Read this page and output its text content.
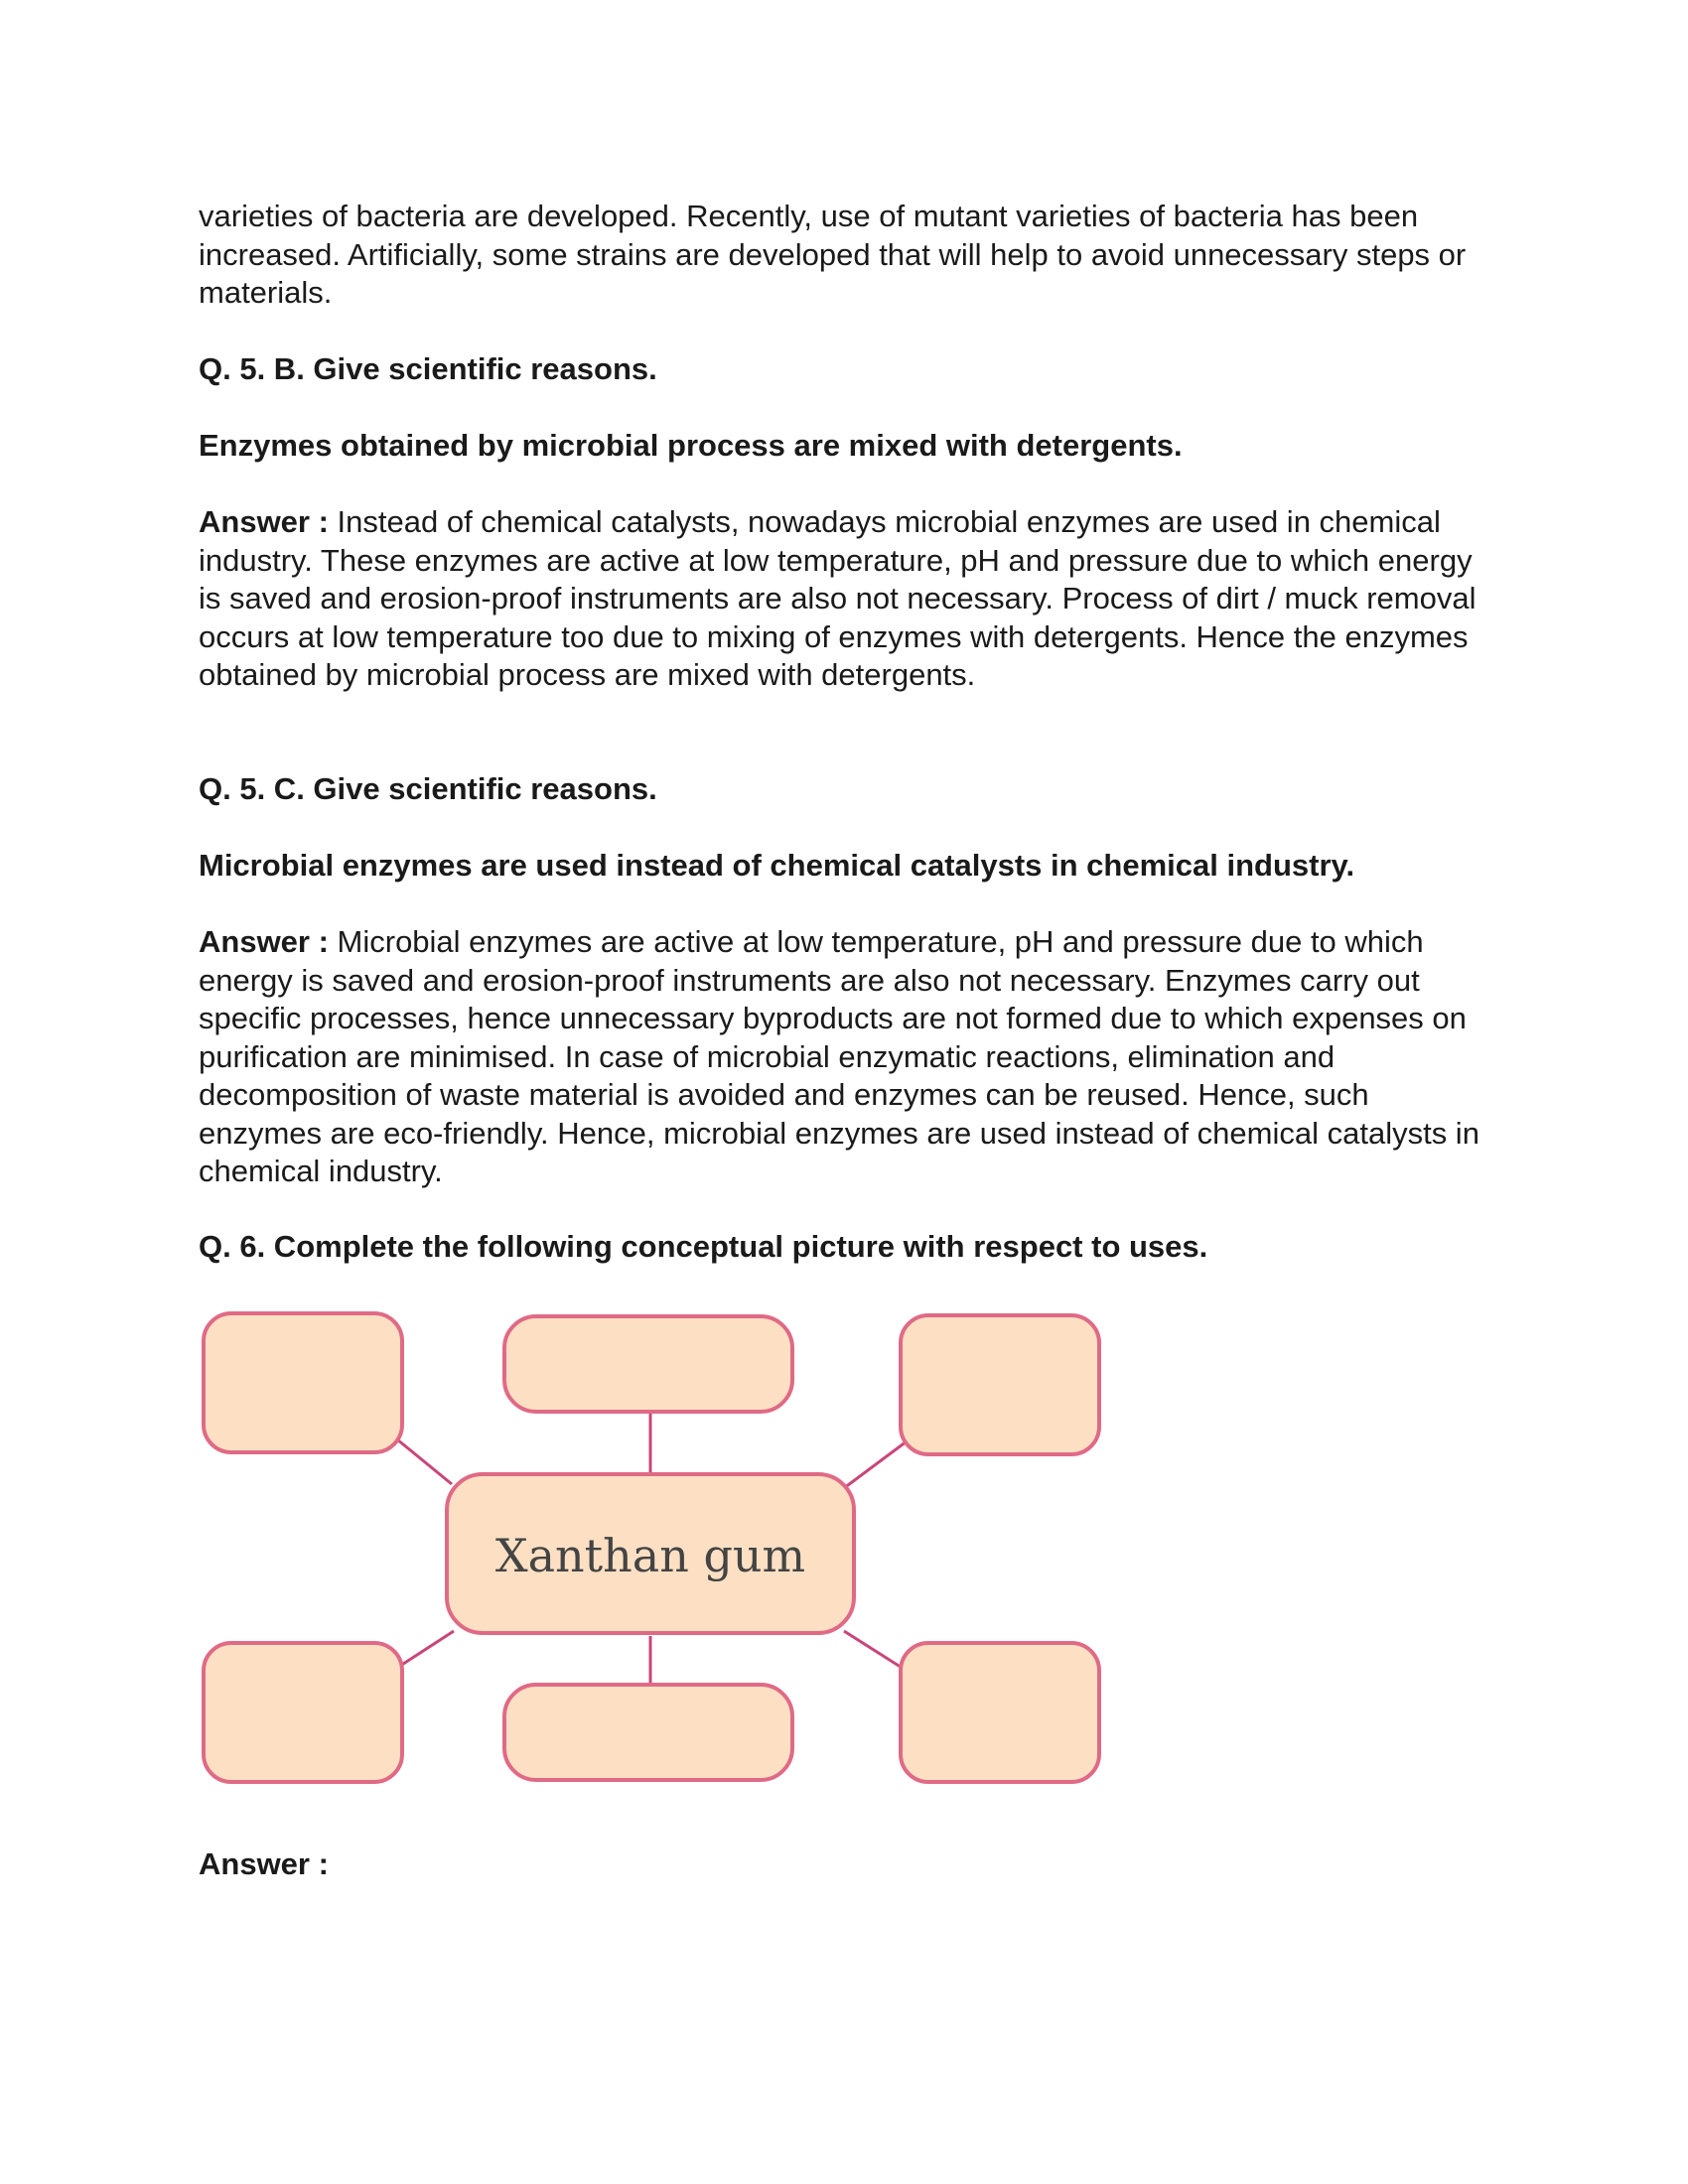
varieties of bacteria are developed. Recently, use of mutant varieties of bacteria has been increased. Artificially, some strains are developed that will help to avoid unnecessary steps or materials.

Q. 5. B. Give scientific reasons.

Enzymes obtained by microbial process are mixed with detergents.

Answer : Instead of chemical catalysts, nowadays microbial enzymes are used in chemical industry. These enzymes are active at low temperature, pH and pressure due to which energy is saved and erosion-proof instruments are also not necessary. Process of dirt / muck removal occurs at low temperature too due to mixing of enzymes with detergents. Hence the enzymes obtained by microbial process are mixed with detergents.

Q. 5. C. Give scientific reasons.

Microbial enzymes are used instead of chemical catalysts in chemical industry.

Answer : Microbial enzymes are active at low temperature, pH and pressure due to which energy is saved and erosion-proof instruments are also not necessary. Enzymes carry out specific processes, hence unnecessary byproducts are not formed due to which expenses on purification are minimised. In case of microbial enzymatic reactions, elimination and decomposition of waste material is avoided and enzymes can be reused. Hence, such enzymes are eco-friendly. Hence, microbial enzymes are used instead of chemical catalysts in chemical industry.

Q. 6. Complete the following conceptual picture with respect to uses.

Xanthan gum

Answer :
